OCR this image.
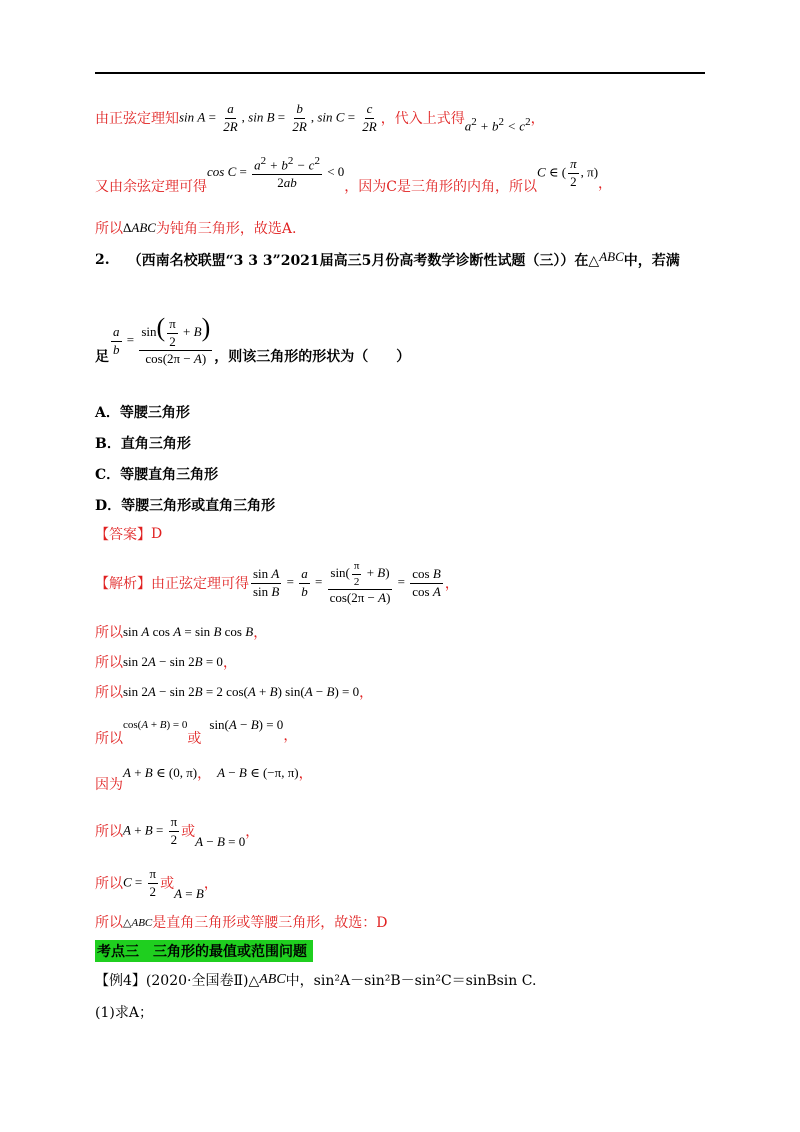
由正弦定理知 $\sin A = \frac{a}{2R}$ , $\sin B = \frac{b}{2R}$ , $\sin C = \frac{c}{2R}$ ，代入上式得 $a^2 + b^2 < c^2$ ，
又由余弦定理可得
$\cos C = \frac{a^2 + b^2 - c^2}{2ab} < 0$
，因为C是三角形的内角，所以
C ∈ ( $\frac{\pi}{2}$ , π)
，
所以 ΔABC 为钝角三角形，故选A.
2. （西南名校联盟“3 3 3”2021届高三5月份高考数学诊断性试题（三））在△ ABC 中，若满
足 $\frac{a}{b} = \frac{\sin( \frac{\pi}{2} + B)}{\cos(2\pi - A)}$ ，则该三角形的形状为（　　）
A．等腰三角形
B．直角三角形
C．等腰直角三角形
D．等腰三角形或直角三角形
【答案】 D
【解析】 由正弦定理可得 $\frac{\text{sin A}}{\text{sin B}} = \frac{a}{b} = \frac{\sin( \frac{\pi}{2} + B)}{\cos(2\pi - A)} = \frac{\text{cos B}}{\text{cos A}}$ ，
所以 sin A cos A = sin B cos B ，
所以 sin 2A − sin 2B = 0 ，
所以 sin 2A − sin 2B = 2 cos(A + B) sin(A − B) = 0 ，
所以
cos(A + B) = 0
或
sin(A − B) = 0
，
因为
A + B ∈ (0, π) ， A − B ∈ (−π, π) ，
所以 $A + B = \frac{\pi}{2}$ 或
A − B = 0
，
所以 $C = \frac{\pi}{2}$ 或
A = B
，
所以 △ABC 是直角三角形或等腰三角形，故选：D
考点三　三角形的最值或范围问题
【例4】 (2020·全国卷Ⅱ)△ ABC 中，sin²A－sin²B－sin²C＝sinBsin C.
(1)求A；
